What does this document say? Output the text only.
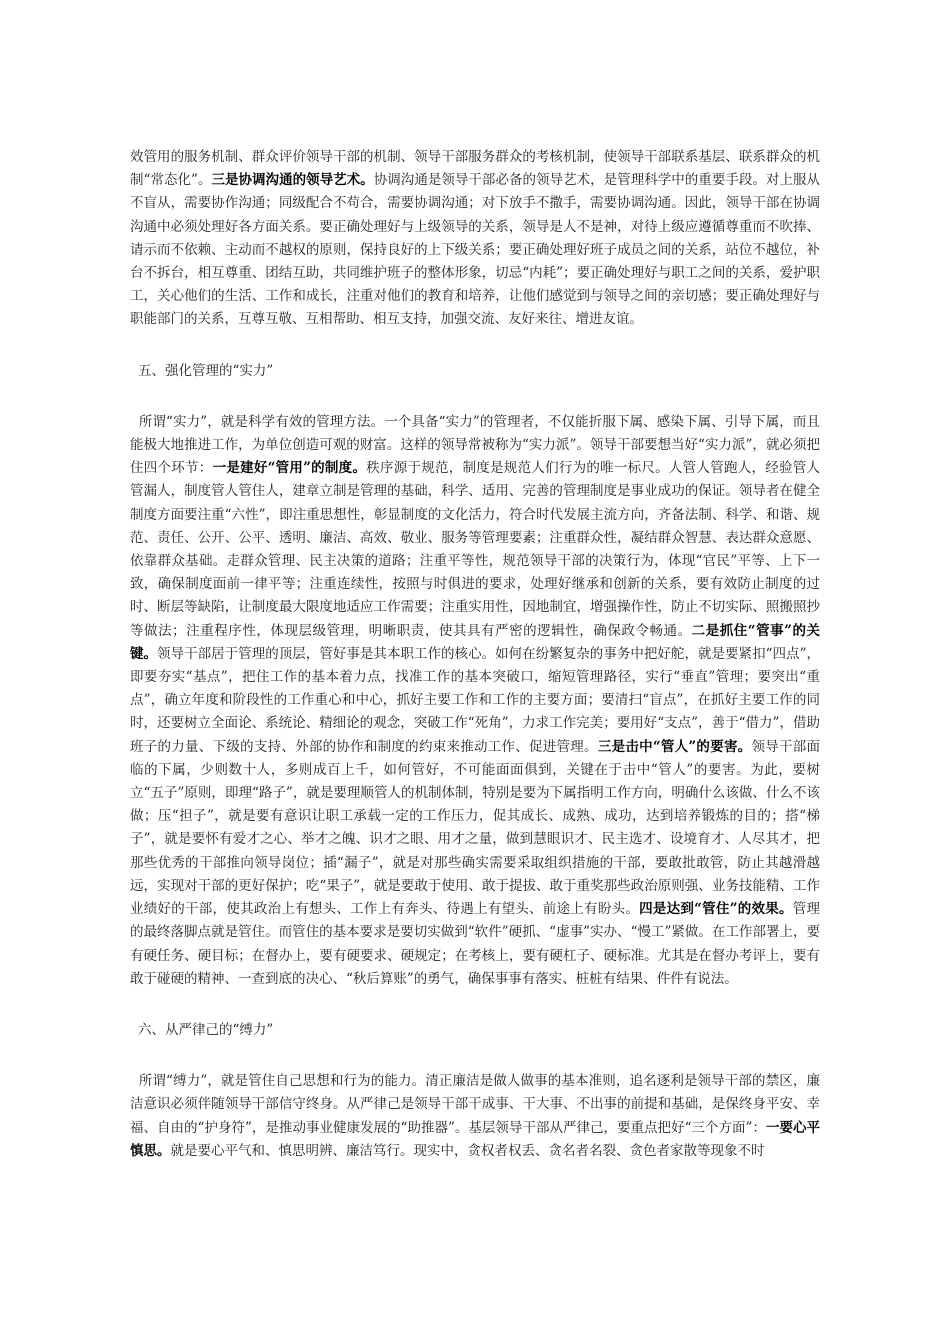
效管用的服务机制、群众评价领导干部的机制、领导干部服务群众的考核机制，使领导干部联系基层、联系群众的机制“常态化”。三是协调沟通的领导艺术。协调沟通是领导干部必备的领导艺术，是管理科学中的重要手段。对上服从不盲从，需要协作沟通；同级配合不苟合，需要协调沟通；对下放手不撒手，需要协调沟通。因此，领导干部在协调沟通中必须处理好各方面关系。要正确处理好与上级领导的关系，领导是人不是神，对待上级应遵循尊重而不吹捧、请示而不依赖、主动而不越权的原则，保持良好的上下级关系；要正确处理好班子成员之间的关系，站位不越位，补台不拆台，相互尊重、团结互助，共同维护班子的整体形象，切忌“内耗”；要正确处理好与职工之间的关系，爱护职工，关心他们的生活、工作和成长，注重对他们的教育和培养，让他们感觉到与领导之间的亲切感；要正确处理好与职能部门的关系，互尊互敬、互相帮助、相互支持，加强交流、友好来往、增进友谊。

五、强化管理的“实力”

所谓“实力”，就是科学有效的管理方法。一个具备“实力”的管理者，不仅能折服下属、感染下属、引导下属，而且能极大地推进工作，为单位创造可观的财富。这样的领导常被称为“实力派”。领导干部要想当好“实力派”，就必须把住四个环节：一是建好“管用”的制度。秩序源于规范，制度是规范人们行为的唯一标尺。人管人管跑人，经验管人管漏人，制度管人管住人，建章立制是管理的基础，科学、适用、完善的管理制度是事业成功的保证。领导者在健全制度方面要注重“六性”，即注重思想性，彰显制度的文化活力，符合时代发展主流方向，齐备法制、科学、和谐、规范、责任、公开、公平、透明、廉洁、高效、敬业、服务等管理要素；注重群众性，凝结群众智慧、表达群众意愿、依靠群众基础。走群众管理、民主决策的道路；注重平等性，规范领导干部的决策行为，体现“官民”平等、上下一致，确保制度面前一律平等；注重连续性，按照与时俱进的要求，处理好继承和创新的关系，要有效防止制度的过时、断层等缺陷，让制度最大限度地适应工作需要；注重实用性，因地制宜，增强操作性，防止不切实际、照搬照抄等做法；注重程序性，体现层级管理，明晰职责，使其具有严密的逻辑性，确保政令畅通。二是抓住“管事”的关键。领导干部居于管理的顶层，管好事是其本职工作的核心。如何在纷繁复杂的事务中把好舵，就是要紧扣“四点”，即要夯实“基点”，把住工作的基本着力点，找准工作的基本突破口，缩短管理路径，实行“垂直”管理；要突出“重点”，确立年度和阶段性的工作重心和中心，抓好主要工作和工作的主要方面；要清扫“盲点”，在抓好主要工作的同时，还要树立全面论、系统论、精细论的观念，突破工作“死角”，力求工作完美；要用好“支点”，善于“借力”，借助班子的力量、下级的支持、外部的协作和制度的约束来推动工作、促进管理。三是击中“管人”的要害。领导干部面临的下属，少则数十人，多则成百上千，如何管好，不可能面面俱到，关键在于击中“管人”的要害。为此，要树立“五子”原则，即理“路子”，就是要理顺管人的机制体制，特别是要为下属指明工作方向，明确什么该做、什么不该做；压“担子”，就是要有意识让职工承载一定的工作压力，促其成长、成熟、成功，达到培养锻炼的目的；搭“梯子”，就是要怀有爱才之心、举才之魄、识才之眼、用才之量，做到慧眼识才、民主选才、设境育才、人尽其才，把那些优秀的干部推向领导岗位；插“漏子”，就是对那些确实需要采取组织措施的干部，要敢批敢管，防止其越滑越远，实现对干部的更好保护；吃“果子”，就是要敢于使用、敢于提拔、敢于重奖那些政治原则强、业务技能精、工作业绩好的干部，使其政治上有想头、工作上有奔头、待遇上有望头、前途上有盼头。四是达到“管住”的效果。管理的最终落脚点就是管住。而管住的基本要求是要切实做到“软件”硬抓、“虚事”实办、“慢工”紧做。在工作部署上，要有硬任务、硬目标；在督办上，要有硬要求、硬规定；在考核上，要有硬杠子、硬标准。尤其是在督办考评上，要有敢于碰硬的精神、一查到底的决心、“秋后算账”的勇气，确保事事有落实、桩桩有结果、件件有说法。

六、从严律己的“缚力”

所谓“缚力”，就是管住自己思想和行为的能力。清正廉洁是做人做事的基本准则，追名逐利是领导干部的禁区，廉洁意识必须伴随领导干部信守终身。从严律己是领导干部干成事、干大事、不出事的前提和基础，是保终身平安、幸福、自由的“护身符”，是推动事业健康发展的“助推器”。基层领导干部从严律己，要重点把好“三个方面”：一要心平慎思。就是要心平气和、慎思明辨、廉洁笃行。现实中，贪权者权丢、贪名者名裂、贪色者家散等现象不时
